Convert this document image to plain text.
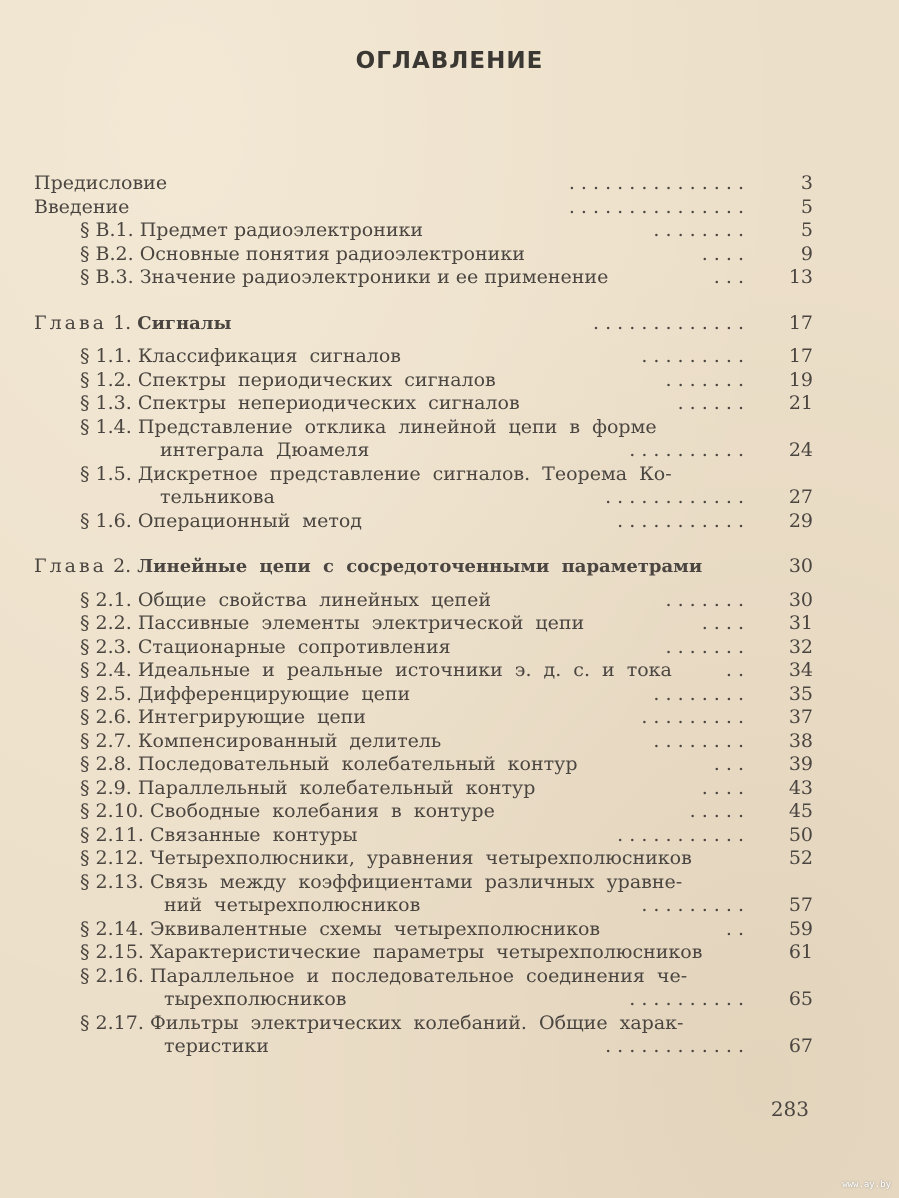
ОГЛАВЛЕНИЕ
Предисловие	. . . . . . . . . . . . . . .	3
Введение	. . . . . . . . . . . . . . .	5
§ В.1. Предмет радиоэлектроники	. . . . . . . .	5
§ В.2. Основные понятия радиоэлектроники	. . . .	9
§ В.3. Значение радиоэлектроники и ее применение	. . . 13
Глава 1. Сигналы	. . . . . . . . . . . . . 17
§ 1.1. Классификация сигналов	. . . . . . . . . 17
§ 1.2. Спектры периодических сигналов	. . . . . . . 19
§ 1.3. Спектры непериодических сигналов	. . . . . . 21
§ 1.4. Представление отклика линейной цепи в форме
интеграла Дюамеля	. . . . . . . . . . 24
§ 1.5. Дискретное представление сигналов. Теорема Ко-
тельникова	. . . . . . . . . . . . 27
§ 1.6. Операционный метод	. . . . . . . . . . . 29
Глава 2. Линейные цепи с сосредоточенными параметрами	30
§ 2.1. Общие свойства линейных цепей	. . . . . . . 30
§ 2.2. Пассивные элементы электрической цепи	. . . . 31
§ 2.3. Стационарные сопротивления	. . . . . . . 32
§ 2.4. Идеальные и реальные источники э. д. с. и тока	. . 34
§ 2.5. Дифференцирующие цепи	. . . . . . . . 35
§ 2.6. Интегрирующие цепи	. . . . . . . . . 37
§ 2.7. Компенсированный делитель	. . . . . . . . 38
§ 2.8. Последовательный колебательный контур	. . . 39
§ 2.9. Параллельный колебательный контур	. . . . 43
§ 2.10. Свободные колебания в контуре	. . . . . 45
§ 2.11. Связанные контуры	. . . . . . . . . . . 50
§ 2.12. Четырехполюсники, уравнения четырехполюсников	52
§ 2.13. Связь между коэффициентами различных уравне-
ний четырехполюсников	. . . . . . . . . 57
§ 2.14. Эквивалентные схемы четырехполюсников	. . 59
§ 2.15. Характеристические параметры четырехполюсников	61
§ 2.16. Параллельное и последовательное соединения че-
тырехполюсников	. . . . . . . . . . 65
§ 2.17. Фильтры электрических колебаний. Общие харак-
теристики	. . . . . . . . . . . . 67
283
www.ay.by
